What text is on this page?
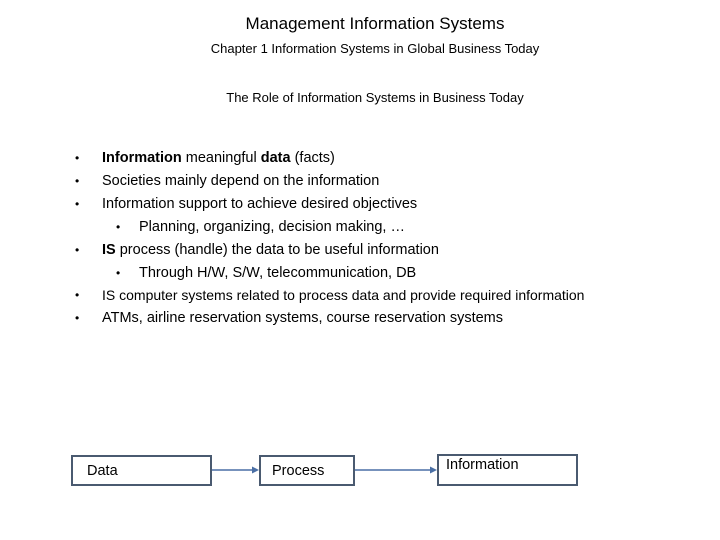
Management Information Systems
Chapter 1 Information Systems in Global Business Today
The Role of Information Systems in Business Today
• Information meaningful data (facts)
• Societies mainly depend on the information
• Information support to achieve desired objectives
• Planning, organizing, decision making, …
• IS process (handle) the data to be useful information
• Through H/W, S/W, telecommunication, DB
• IS computer systems related to process data and provide required information
• ATMs, airline reservation systems, course reservation systems
Data	Process	Information
